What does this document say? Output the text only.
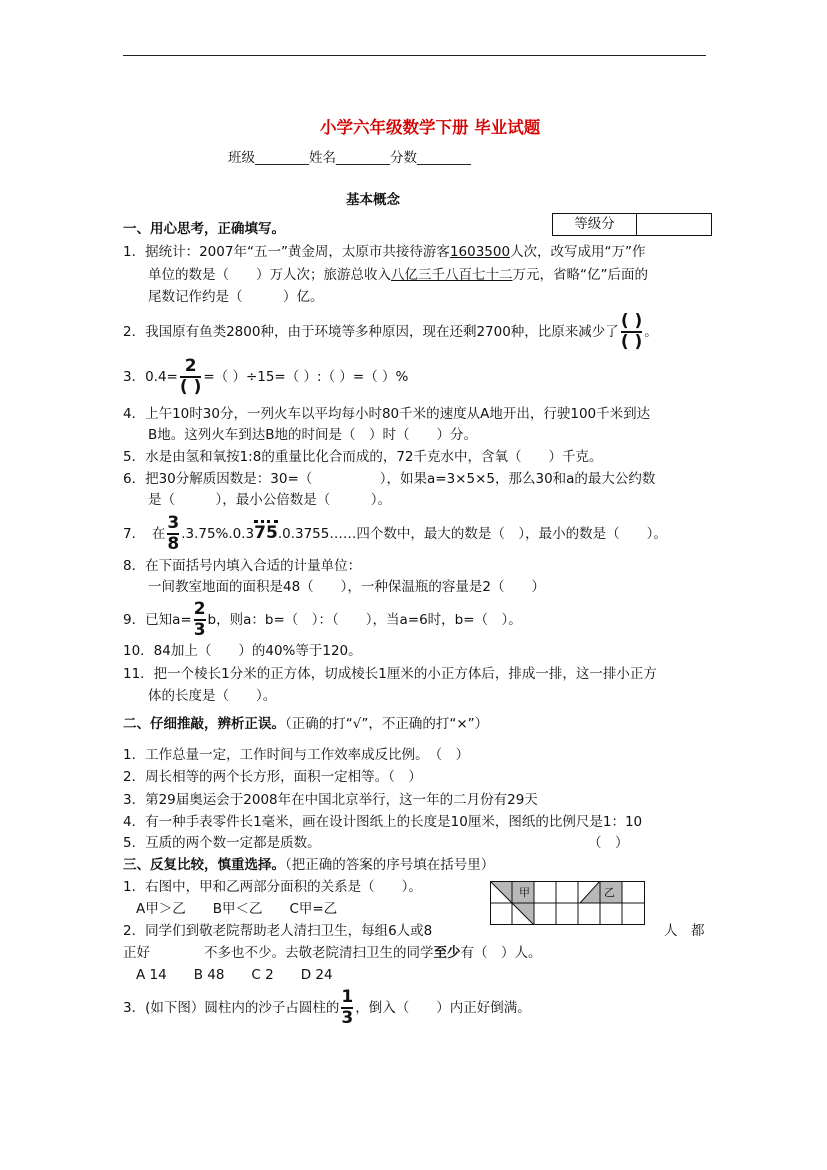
小学六年级数学下册 毕业试题
班级________姓名________分数________
基本概念
等级分
一、用心思考，正确填写。
1．据统计：2007年“五一”黄金周，太原市共接待游客1603500人次，改写成用“万”作
单位的数是（　　）万人次；旅游总收入八亿三千八百七十二万元，省略“亿”后面的
尾数记作约是（　　　）亿。
2．我国原有鱼类2800种，由于环境等多种原因，现在还剩2700种，比原来减少了 $\frac{( )}{( )}$ 。
3．$0.4= \frac{2}{( )}$ =（ ）÷15=（ ）:（ ）=（ ）%
4．上午10时30分，一列火车以平均每小时80千米的速度从A地开出，行驶100千米到达
B地。这列火车到达B地的时间是（　）时（　　）分。
5．水是由氢和氧按1:8的重量比化合而成的，72千克水中，含氧（　　）千克。
6．把30分解质因数是：30=（　　　　　），如果a=3×5×5，那么30和a的最大公约数
是（　　　），最小公倍数是（　　　）。
7．　在 $\frac{3}{8}$ .3.75%.0.375.0.3755……四个数中，最大的数是（　），最小的数是（　　）。
8．在下面括号内填入合适的计量单位：
一间教室地面的面积是48（　　），一种保温瓶的容量是2（　　）
9．已知$a= \frac{2}{3}$ b，则a：b=（　）：（　　），当a=6时，b=（　）。
10．84加上（　　）的40%等于120。
11．把一个棱长1分米的正方体，切成棱长1厘米的小正方体后，排成一排，这一排小正方
体的长度是（　　）。
二、仔细推敲，辨析正误。（正确的打“√”，不正确的打“×”）
1．工作总量一定，工作时间与工作效率成反比例。　（　）
2．周长相等的两个长方形，面积一定相等。（　）
3．第29届奥运会于2008年在中国北京举行，这一年的二月份有29天
4．有一种手表零件长1毫米，画在设计图纸上的长度是10厘米，图纸的比例尺是1：10
5．互质的两个数一定都是质数。	（　）
三、反复比较，慎重选择。（把正确的答案的序号填在括号里）
1．右图中，甲和乙两部分面积的关系是（　　）。
A甲＞乙　　B甲＜乙　　C甲=乙
2．同学们到敬老院帮助老人清扫卫生，每组6人或8	人　都
正好　　　　不多也不少。去敬老院清扫卫生的同学至少有（　）人。
A 14　　B 48　　C 2　　D 24
3．(如下图）圆柱内的沙子占圆柱的 $\frac{1}{3}$ ，倒入（　　）内正好倒满。
甲	乙
